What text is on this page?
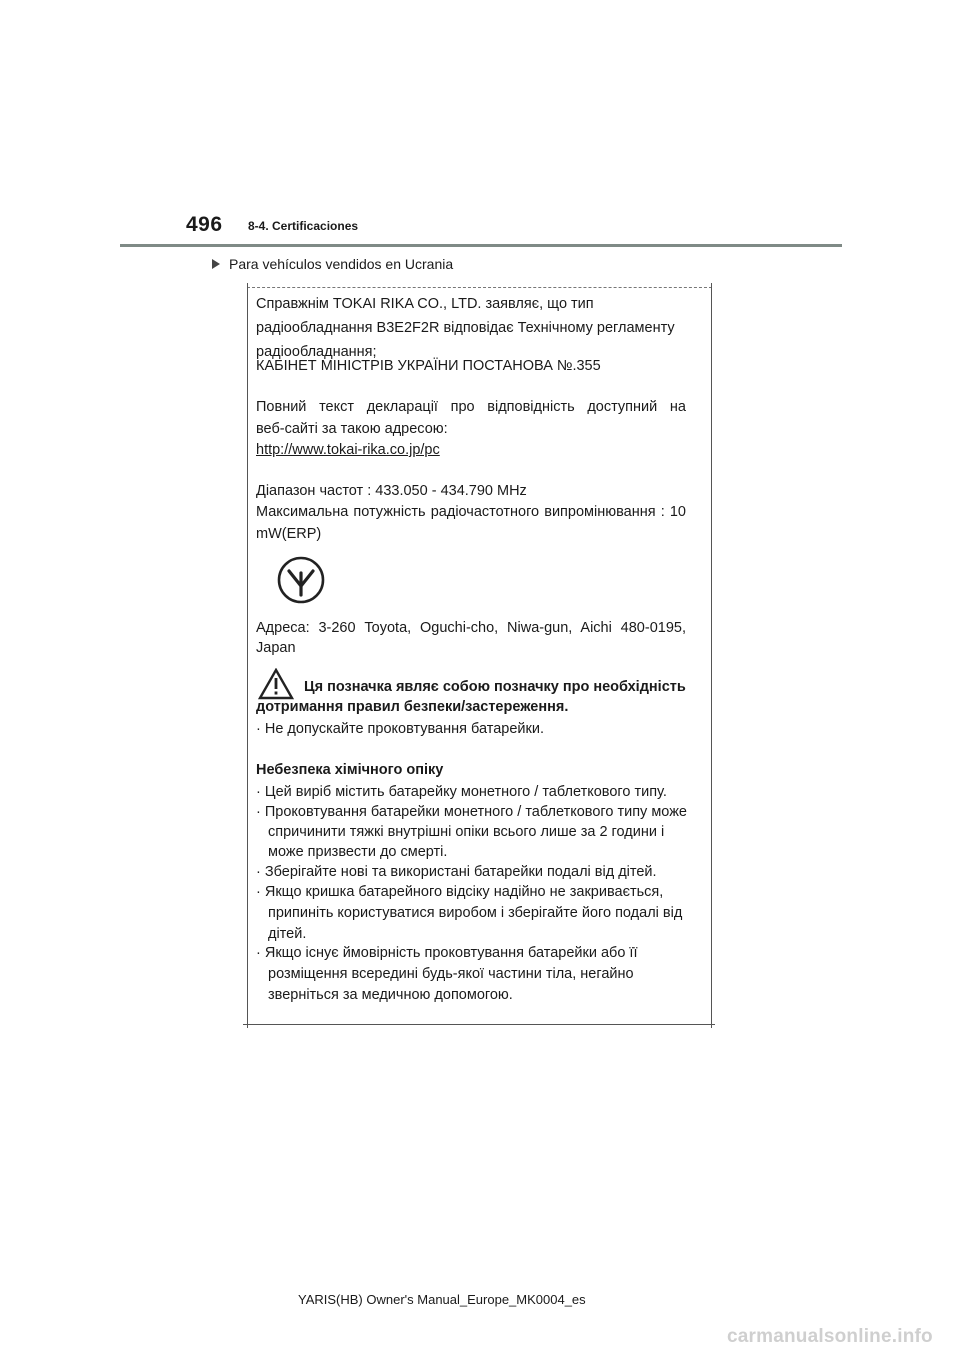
496 8-4. Certificaciones
Para vehículos vendidos en Ucrania
Справжнім TOKAI RIKA CO., LTD. заявляє, що тип
радіообладнання B3E2F2R відповідає Технічному регламенту
радіообладнання;
КАБІНЕТ МІНІСТРІВ УКРАЇНИ ПОСТАНОВА №.355
Повний текст декларації про відповідність доступний на
веб-сайті за такою адресою:
http://www.tokai-rika.co.jp/pc
Діапазон частот : 433.050 - 434.790 MHz
Максимальна потужність радіочастотного випромінювання : 10
mW(ERP)
Адреса: 3-260 Toyota, Oguchi-cho, Niwa-gun, Aichi 480-0195,
Japan
Ця позначка являє собою позначку про необхідність
дотримання правил безпеки/застереження.
· Не допускайте проковтування батарейки.
Небезпека хімічного опіку
· Цей виріб містить батарейку монетного / таблеткового типу.
· Проковтування батарейки монетного / таблеткового типу може
спричинити тяжкі внутрішні опіки всього лише за 2 години і
може призвести до смерті.
· Зберігайте нові та використані батарейки подалі від дітей.
· Якщо кришка батарейного відсіку надійно не закривається,
припиніть користуватися виробом і зберігайте його подалі від
дітей.
· Якщо існує ймовірність проковтування батарейки або її
розміщення всередині будь-якої частини тіла, негайно
зверніться за медичною допомогою.
YARIS(HB) Owner's Manual_Europe_MK0004_es
carmanualsonline.info
